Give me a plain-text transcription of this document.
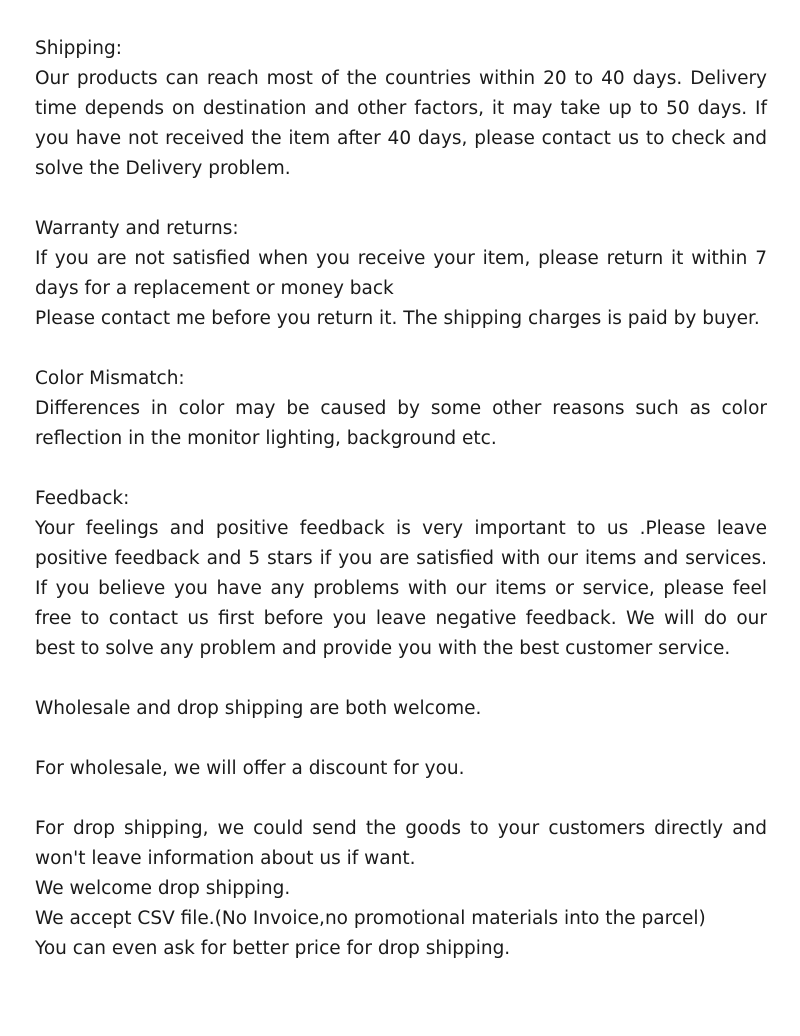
Shipping:

Our products can reach most of the countries within 20 to 40 days. Delivery time depends on destination and other factors, it may take up to 50 days. If you have not received the item after 40 days, please contact us to check and solve the Delivery problem.

Warranty and returns:

If you are not satisfied when you receive your item, please return it within 7 days for a replacement or money back

Please contact me before you return it. The shipping charges is paid by buyer.

Color Mismatch:

Differences in color may be caused by some other reasons such as color reflection in the monitor lighting, background etc.

Feedback:

Your feelings and positive feedback is very important to us .Please leave positive feedback and 5 stars if you are satisfied with our items and services. If you believe you have any problems with our items or service, please feel free to contact us first before you leave negative feedback. We will do our best to solve any problem and provide you with the best customer service.

Wholesale and drop shipping are both welcome.

For wholesale, we will offer a discount for you.

For drop shipping, we could send the goods to your customers directly and won't leave information about us if want.

We welcome drop shipping.

We accept CSV file.(No Invoice,no promotional materials into the parcel)

You can even ask for better price for drop shipping.
